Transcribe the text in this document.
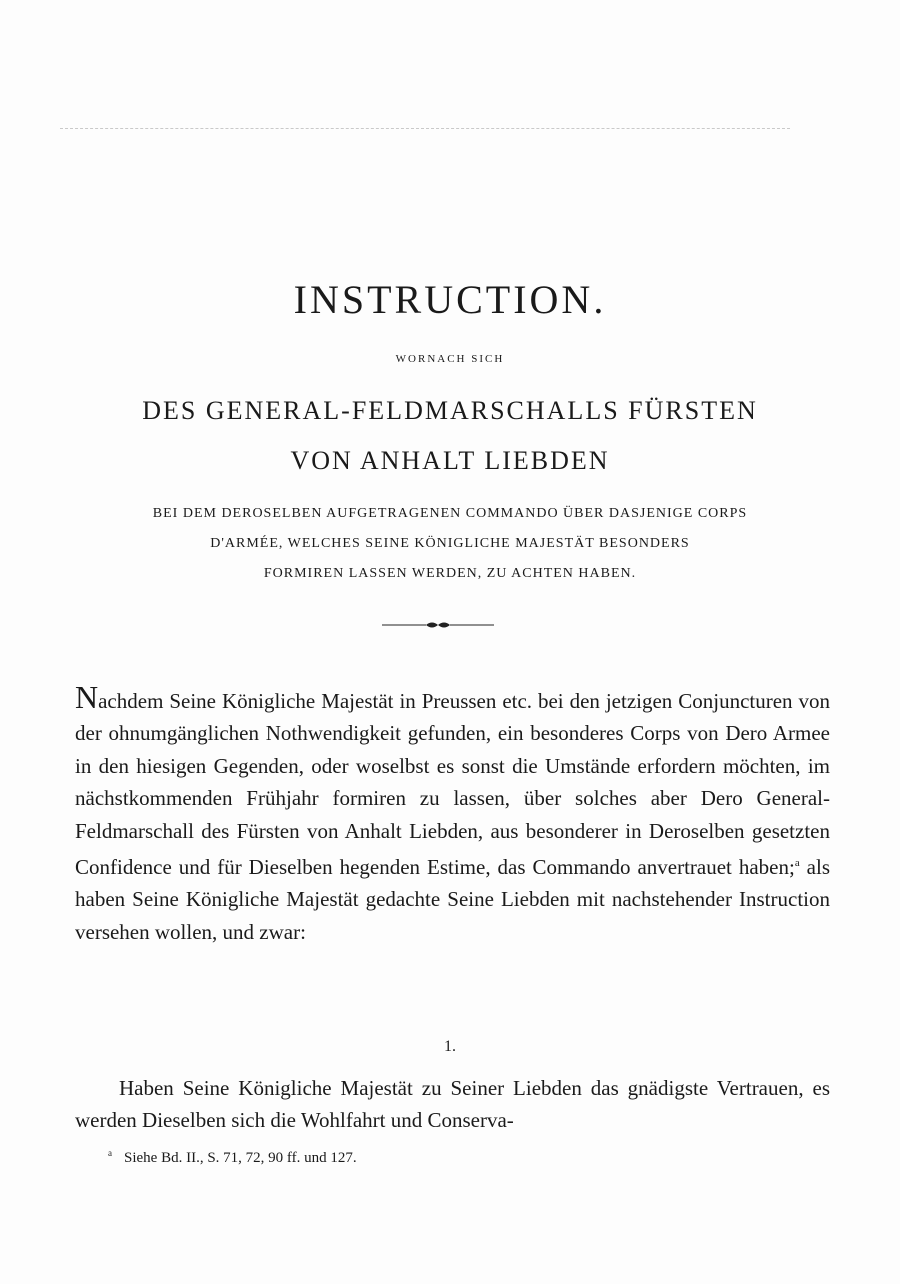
INSTRUCTION.
WORNACH SICH
DES GENERAL-FELDMARSCHALLS FÜRSTEN
VON ANHALT LIEBDEN
BEI DEM DEROSELBEN AUFGETRAGENEN COMMANDO ÜBER DASJENIGE CORPS
D'ARMÉE, WELCHES SEINE KÖNIGLICHE MAJESTÄT BESONDERS
FORMIREN LASSEN WERDEN, ZU ACHTEN HABEN.

Nachdem Seine Königliche Majestät in Preussen etc. bei den jetzigen Conjuncturen von der ohnumgänglichen Nothwendigkeit gefunden, ein besonderes Corps von Dero Armee in den hiesigen Gegenden, oder woselbst es sonst die Umstände erfordern möchten, im nächstkommenden Frühjahr formiren zu lassen, über solches aber Dero General-Feldmarschall des Fürsten von Anhalt Liebden, aus besonderer in Deroselben gesetzten Confidence und für Dieselben hegenden Estime, das Commando anvertrauet haben;$^a$ als haben Seine Königliche Majestät gedachte Seine Liebden mit nachstehender Instruction versehen wollen, und zwar:

1.

Haben Seine Königliche Majestät zu Seiner Liebden das gnädigste Vertrauen, es werden Dieselben sich die Wohlfahrt und Conserva-

$^a$ Siehe Bd. II., S. 71, 72, 90 ff. und 127.
